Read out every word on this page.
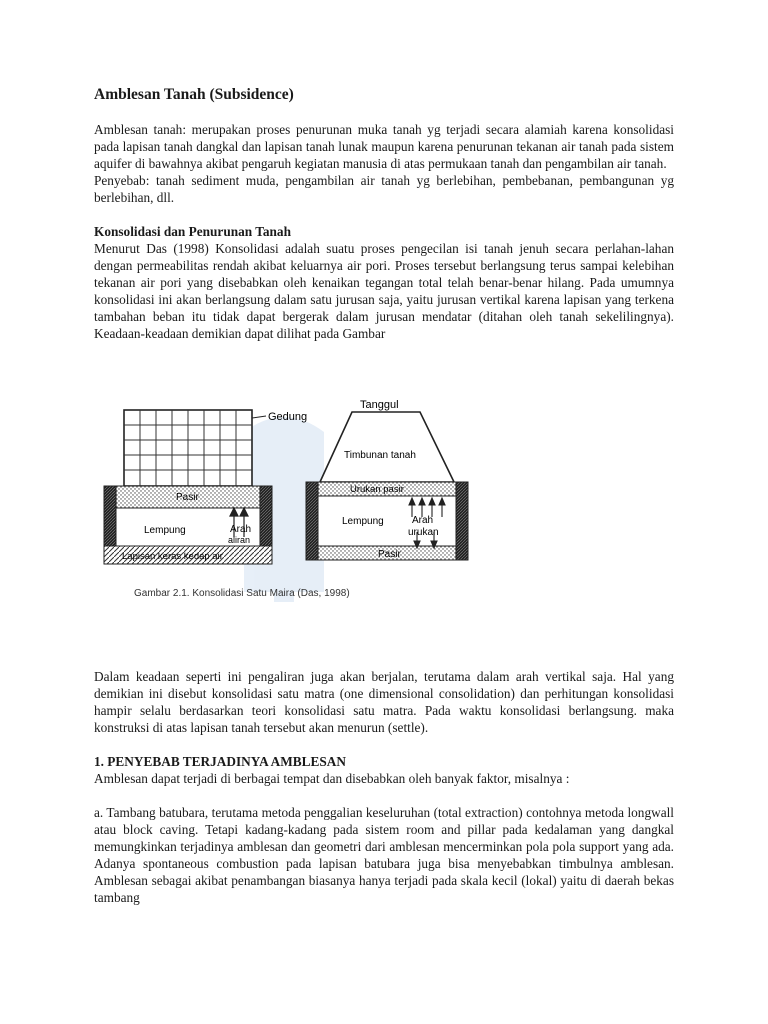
Amblesan Tanah (Subsidence)

Amblesan tanah: merupakan proses penurunan muka tanah yg terjadi secara alamiah karena konsolidasi pada lapisan tanah dangkal dan lapisan tanah lunak maupun karena penurunan tekanan air tanah pada sistem aquifer di bawahnya akibat pengaruh kegiatan manusia di atas permukaan tanah dan pengambilan air tanah.

Penyebab: tanah sediment muda, pengambilan air tanah yg berlebihan, pembebanan, pembangunan yg berlebihan, dll.

Konsolidasi dan Penurunan Tanah

Menurut Das (1998) Konsolidasi adalah suatu proses pengecilan isi tanah jenuh secara perlahan-lahan dengan permeabilitas rendah akibat keluarnya air pori. Proses tersebut berlangsung terus sampai kelebihan tekanan air pori yang disebabkan oleh kenaikan tegangan total telah benar-benar hilang. Pada umumnya konsolidasi ini akan berlangsung dalam satu jurusan saja, yaitu jurusan vertikal karena lapisan yang terkena tambahan beban itu tidak dapat bergerak dalam jurusan mendatar (ditahan oleh tanah sekelilingnya). Keadaan-keadaan demikian dapat dilihat pada Gambar

Gedung
Pasir
Lempung	Arah
aliran
Lapisan keras kedap air
Tanggul
Timbunan tanah
Urukan pasir
Lempung	Arah
urukan
Pasir
Gambar 2.1. Konsolidasi Satu Maira (Das, 1998)

Dalam keadaan seperti ini pengaliran juga akan berjalan, terutama dalam arah vertikal saja. Hal yang demikian ini disebut konsolidasi satu matra (one dimensional consolidation) dan perhitungan konsolidasi hampir selalu berdasarkan teori konsolidasi satu matra. Pada waktu konsolidasi berlangsung. maka konstruksi di atas lapisan tanah tersebut akan menurun (settle).

1. PENYEBAB TERJADINYA AMBLESAN

Amblesan dapat terjadi di berbagai tempat dan disebabkan oleh banyak faktor, misalnya :

a. Tambang batubara, terutama metoda penggalian keseluruhan (total extraction) contohnya metoda longwall atau block caving. Tetapi kadang-kadang pada sistem room and pillar pada kedalaman yang dangkal memungkinkan terjadinya amblesan dan geometri dari amblesan mencerminkan pola pola support yang ada. Adanya spontaneous combustion pada lapisan batubara juga bisa menyebabkan timbulnya amblesan. Amblesan sebagai akibat penambangan biasanya hanya terjadi pada skala kecil (lokal) yaitu di daerah bekas tambang
